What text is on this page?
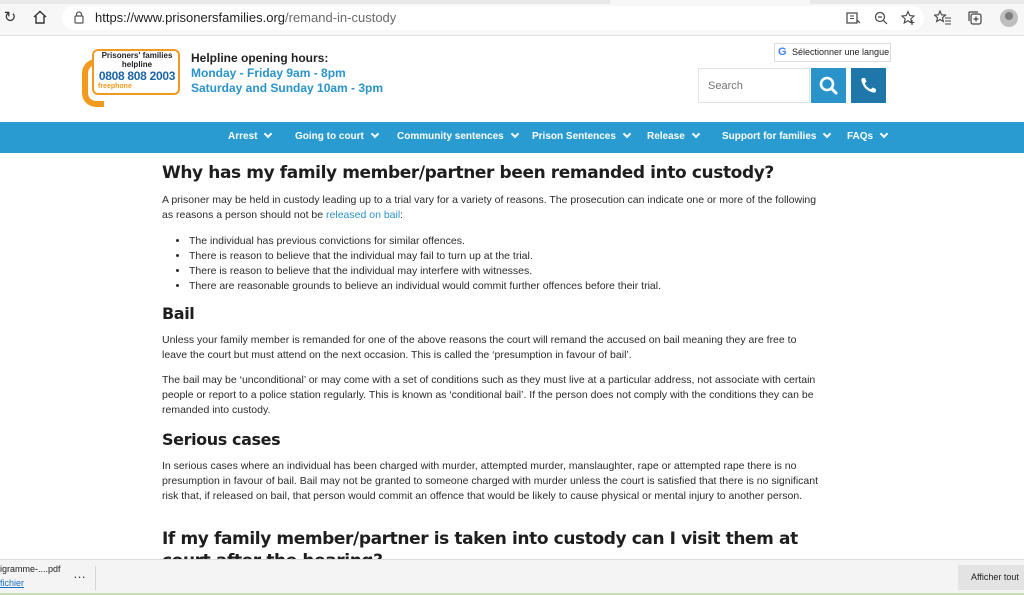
↻	https://www.prisonersfamilies.org/remand-in-custody
Prisoners' families helpline
0808 808 2003
freephone
Helpline opening hours:
Monday - Friday 9am - 8pm
Saturday and Sunday 10am - 3pm
G Sélectionner une langue
Search
Arrest	Going to court	Community sentences	Prison Sentences	Release	Support for families	FAQs
Why has my family member/partner been remanded into custody?

A prisoner may be held in custody leading up to a trial vary for a variety of reasons. The prosecution can indicate one or more of the following as reasons a person should not be released on bail:

• The individual has previous convictions for similar offences.
• There is reason to believe that the individual may fail to turn up at the trial.
• There is reason to believe that the individual may interfere with witnesses.
• There are reasonable grounds to believe an individual would commit further offences before their trial.
Bail

Unless your family member is remanded for one of the above reasons the court will remand the accused on bail meaning they are free to leave the court but must attend on the next occasion. This is called the ‘presumption in favour of bail’.

The bail may be ‘unconditional’ or may come with a set of conditions such as they must live at a particular address, not associate with certain people or report to a police station regularly. This is known as ‘conditional bail’. If the person does not comply with the conditions they can be remanded into custody.

Serious cases

In serious cases where an individual has been charged with murder, attempted murder, manslaughter, rape or attempted rape there is no presumption in favour of bail. Bail may not be granted to someone charged with murder unless the court is satisfied that there is no significant risk that, if released on bail, that person would commit an offence that would be likely to cause physical or mental injury to another person.

If my family member/partner is taken into custody can I visit them at
igramme-....pdf
fichier
…	Afficher tout
